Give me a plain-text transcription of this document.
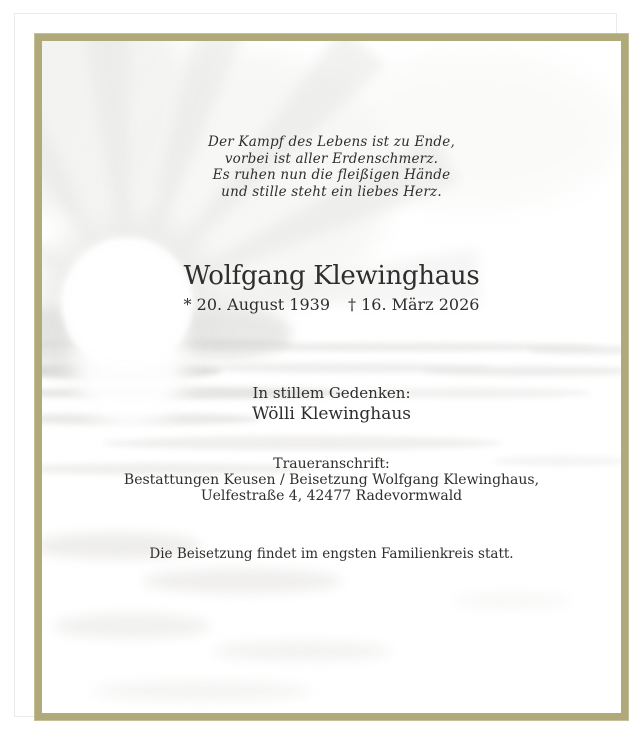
Der Kampf des Lebens ist zu Ende,
vorbei ist aller Erdenschmerz.
Es ruhen nun die fleißigen Hände
und stille steht ein liebes Herz.
Wolfgang Klewinghaus
* 20. August 1939 † 16. März 2026
In stillem Gedenken:
Wölli Klewinghaus
Traueranschrift:
Bestattungen Keusen / Beisetzung Wolfgang Klewinghaus,
Uelfestraße 4, 42477 Radevormwald
Die Beisetzung findet im engsten Familienkreis statt.
